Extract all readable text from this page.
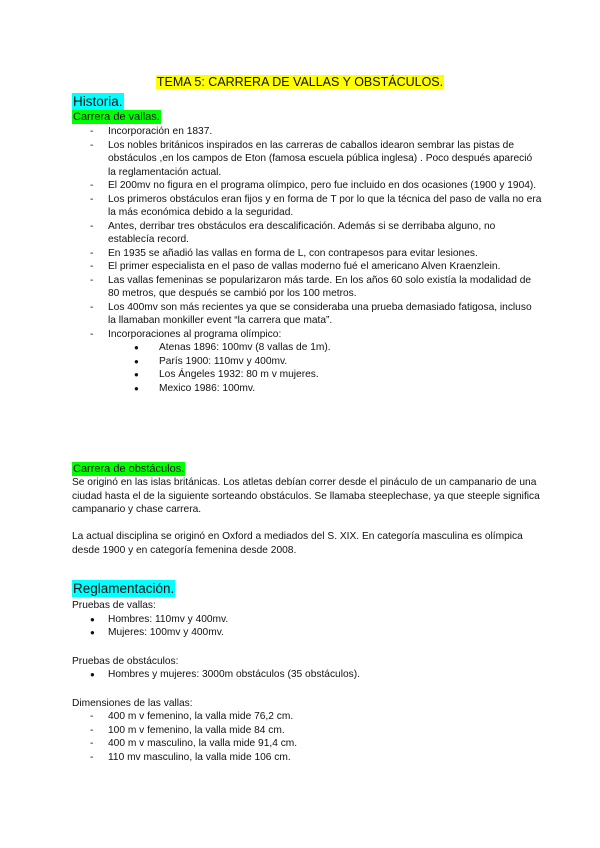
TEMA 5: CARRERA DE VALLAS Y OBSTÁCULOS.
Historia.
Carrera de vallas.
- Incorporación en 1837.
- Los nobles británicos inspirados en las carreras de caballos idearon sembrar las pistas de obstáculos ,en los campos de Eton (famosa escuela pública inglesa) . Poco después apareció la reglamentación actual.
- El 200mv no figura en el programa olímpico, pero fue incluido en dos ocasiones (1900 y 1904).
- Los primeros obstáculos eran fijos y en forma de T por lo que la técnica del paso de valla no era la más económica debido a la seguridad.
- Antes, derribar tres obstáculos era descalificación. Además si se derribaba alguno, no establecía record.
- En 1935 se añadió las vallas en forma de L, con contrapesos para evitar lesiones.
- El primer especialista en el paso de vallas moderno fué el americano Alven Kraenzlein.
- Las vallas femeninas se popularizaron más tarde. En los años 60 solo existía la modalidad de 80 metros, que después se cambió por los 100 metros.
- Los 400mv son más recientes ya que se consideraba una prueba demasiado fatigosa, incluso la llamaban monkiller event “la carrera que mata”.
- Incorporaciones al programa olímpico:
● Atenas 1896: 100mv (8 vallas de 1m).
● París 1900: 110mv y 400mv.
● Los Ángeles 1932: 80 m v mujeres.
● Mexico 1986: 100mv.
Carrera de obstáculos.

Se originó en las islas británicas. Los atletas debían correr desde el pináculo de un campanario de una ciudad hasta el de la siguiente sorteando obstáculos. Se llamaba steeplechase, ya que steeple significa campanario y chase carrera.

La actual disciplina se originó en Oxford a mediados del S. XIX. En categoría masculina es olímpica desde 1900 y en categoría femenina desde 2008.

Reglamentación.

Pruebas de vallas:

● Hombres: 110mv y 400mv.
● Mujeres: 100mv y 400mv.

Pruebas de obstáculos:

● Hombres y mujeres: 3000m obstáculos (35 obstáculos).

Dimensiones de las vallas:

- 400 m v femenino, la valla mide 76,2 cm.
- 100 m v femenino, la valla mide 84 cm.
- 400 m v masculino, la valla mide 91,4 cm.
- 110 mv masculino, la valla mide 106 cm.
